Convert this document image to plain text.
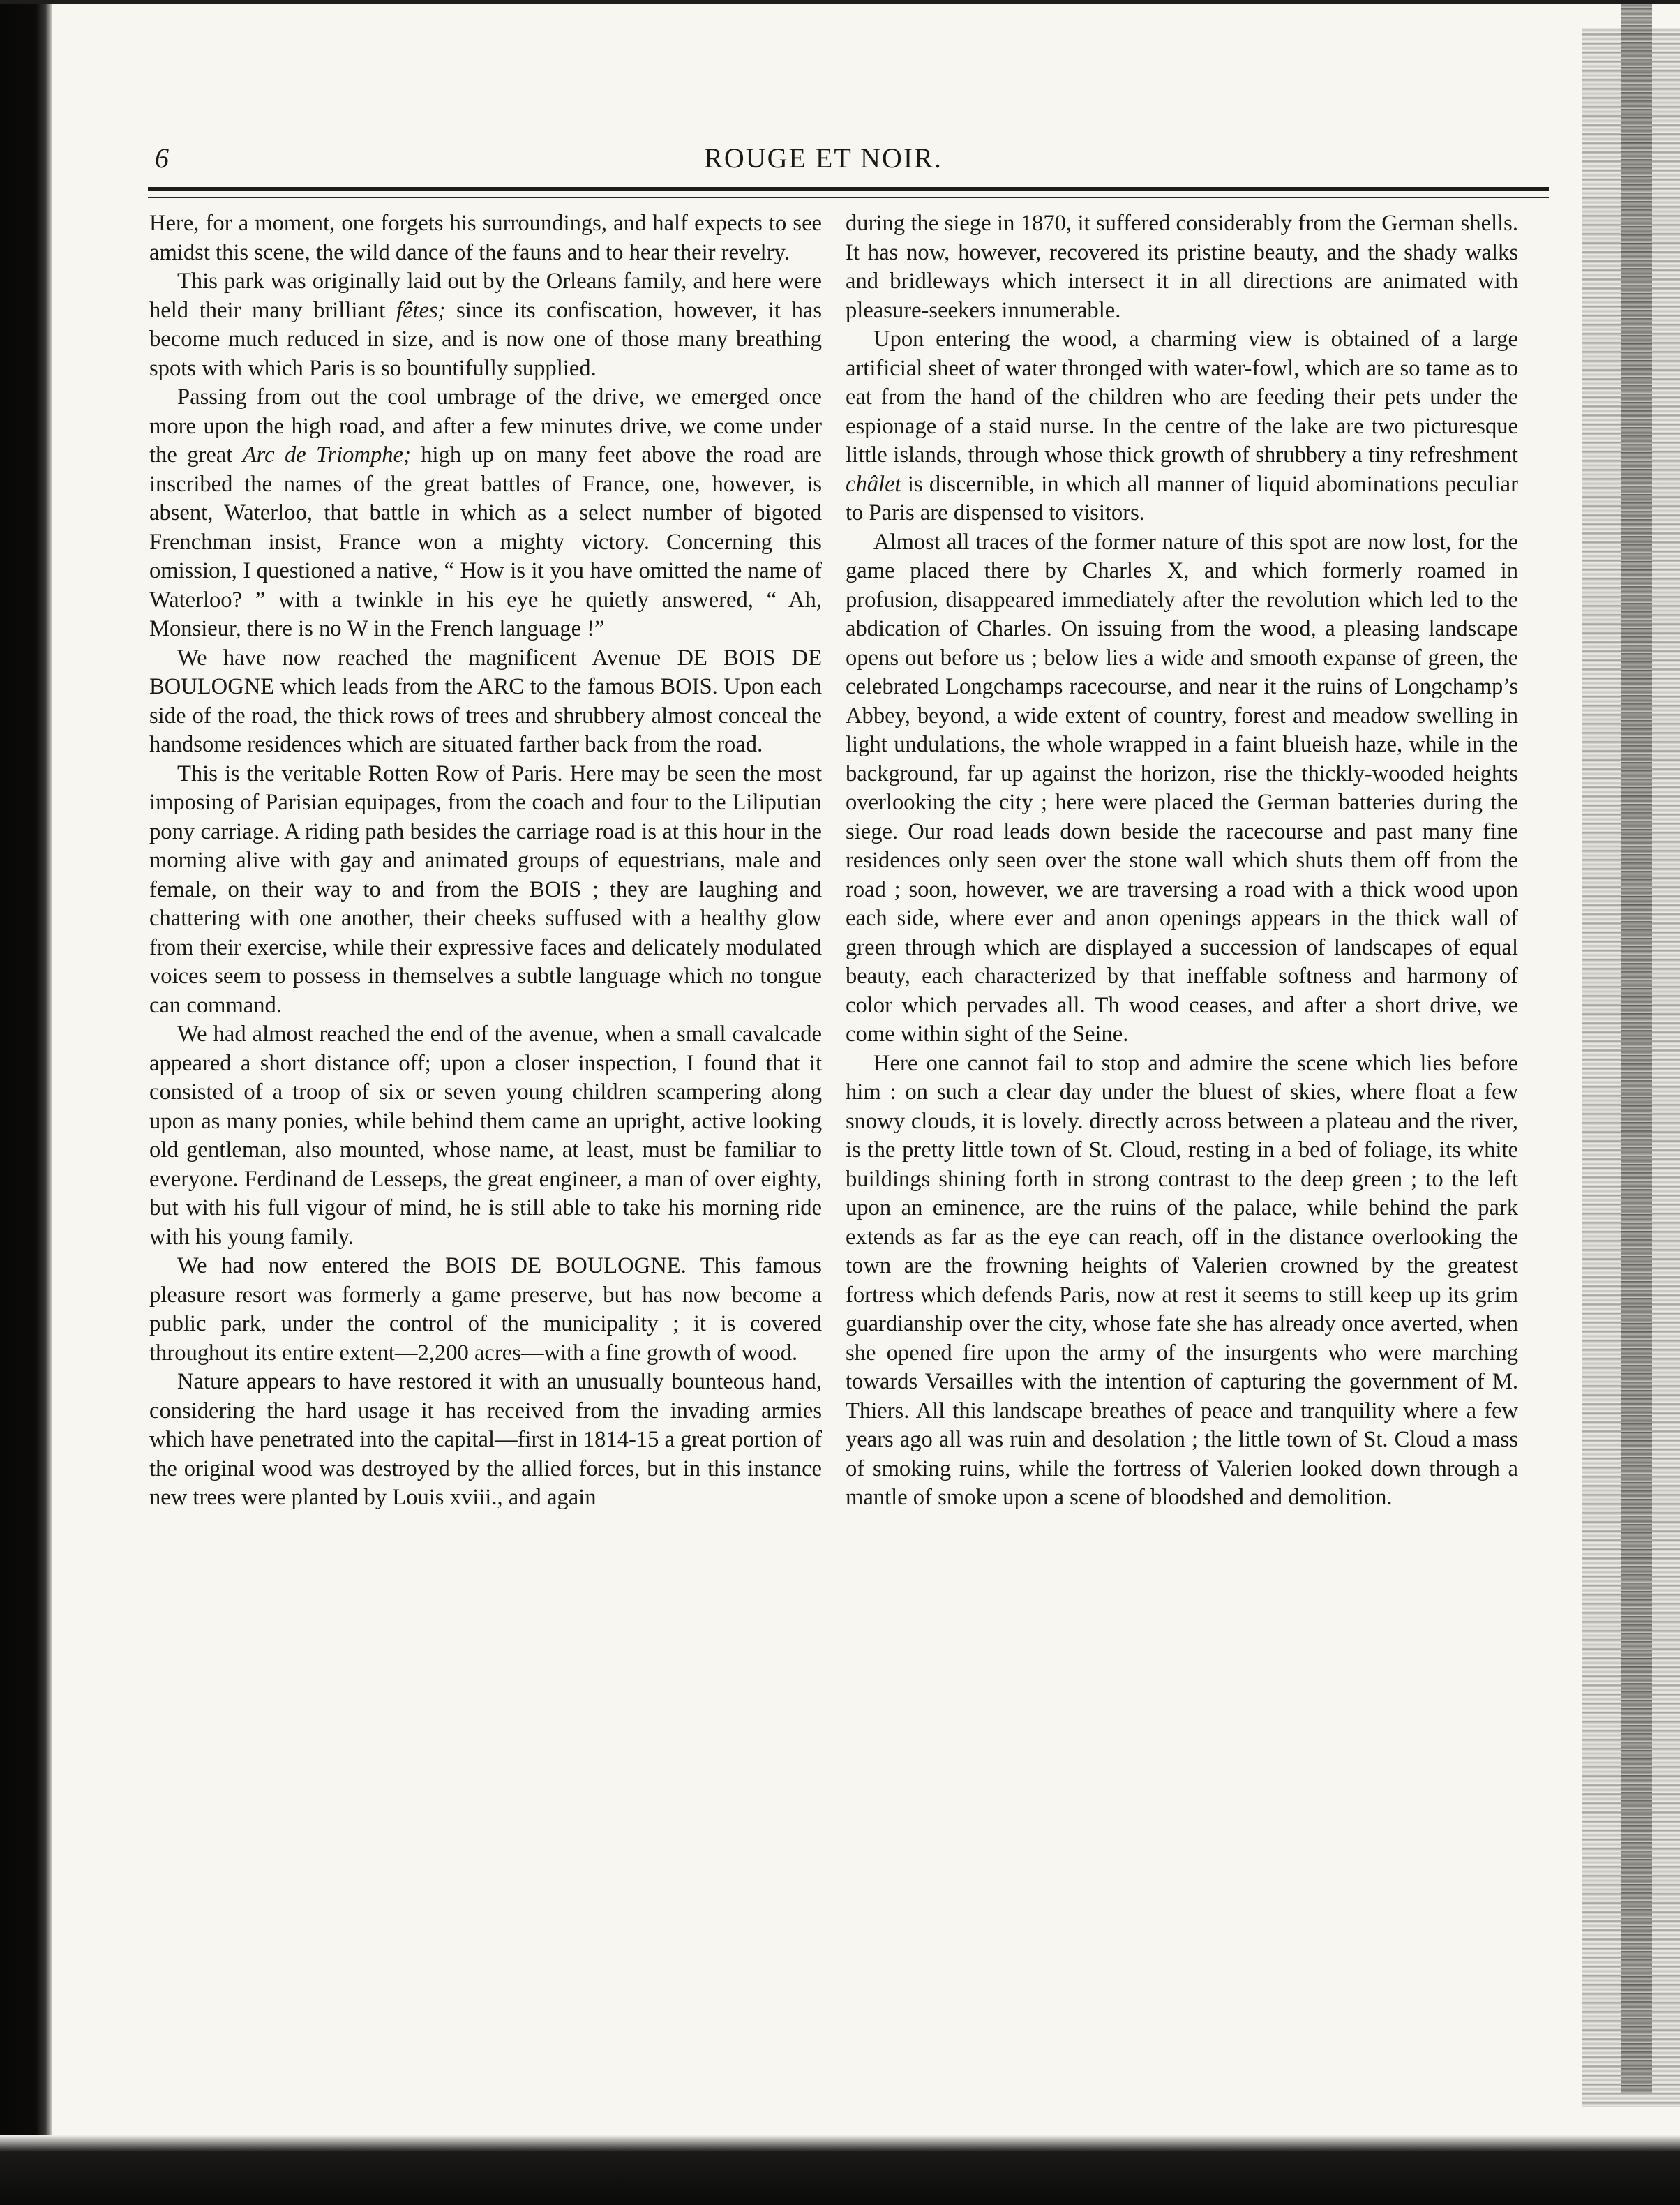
6	ROUGE ET NOIR.

Here, for a moment, one forgets his surroundings, and half expects to see amidst this scene, the wild dance of the fauns and to hear their revelry.

This park was originally laid out by the Orleans family, and here were held their many brilliant fêtes; since its confiscation, however, it has become much reduced in size, and is now one of those many breathing spots with which Paris is so bountifully supplied.

Passing from out the cool umbrage of the drive, we emerged once more upon the high road, and after a few minutes drive, we come under the great Arc de Triomphe; high up on many feet above the road are inscribed the names of the great battles of France, one, however, is absent, Waterloo, that battle in which as a select number of bigoted Frenchman insist, France won a mighty victory. Concerning this omission, I questioned a native, “ How is it you have omitted the name of Waterloo? ” with a twinkle in his eye he quietly answered, “ Ah, Monsieur, there is no W in the French language !”

We have now reached the magnificent Avenue DE BOIS DE BOULOGNE which leads from the ARC to the famous BOIS. Upon each side of the road, the thick rows of trees and shrubbery almost conceal the handsome residences which are situated farther back from the road.

This is the veritable Rotten Row of Paris. Here may be seen the most imposing of Parisian equipages, from the coach and four to the Liliputian pony carriage. A riding path besides the carriage road is at this hour in the morning alive with gay and animated groups of equestrians, male and female, on their way to and from the BOIS ; they are laughing and chattering with one another, their cheeks suffused with a healthy glow from their exercise, while their expressive faces and delicately modulated voices seem to possess in themselves a subtle language which no tongue can command.

We had almost reached the end of the avenue, when a small cavalcade appeared a short distance off; upon a closer inspection, I found that it consisted of a troop of six or seven young children scampering along upon as many ponies, while behind them came an upright, active looking old gentleman, also mounted, whose name, at least, must be familiar to everyone. Ferdinand de Lesseps, the great engineer, a man of over eighty, but with his full vigour of mind, he is still able to take his morning ride with his young family.

We had now entered the BOIS DE BOULOGNE. This famous pleasure resort was formerly a game preserve, but has now become a public park, under the control of the municipality ; it is covered throughout its entire extent—2,200 acres—with a fine growth of wood.

Nature appears to have restored it with an unusually bounteous hand, considering the hard usage it has received from the invading armies which have penetrated into the capital—first in 1814-15 a great portion of the original wood was destroyed by the allied forces, but in this instance new trees were planted by Louis xviii., and again

during the siege in 1870, it suffered considerably from the German shells. It has now, however, recovered its pristine beauty, and the shady walks and bridleways which intersect it in all directions are animated with pleasure-seekers innumerable.

Upon entering the wood, a charming view is obtained of a large artificial sheet of water thronged with water-fowl, which are so tame as to eat from the hand of the children who are feeding their pets under the espionage of a staid nurse. In the centre of the lake are two picturesque little islands, through whose thick growth of shrubbery a tiny refreshment châlet is discernible, in which all manner of liquid abominations peculiar to Paris are dispensed to visitors.

Almost all traces of the former nature of this spot are now lost, for the game placed there by Charles X, and which formerly roamed in profusion, disappeared immediately after the revolution which led to the abdication of Charles. On issuing from the wood, a pleasing landscape opens out before us ; below lies a wide and smooth expanse of green, the celebrated Longchamps racecourse, and near it the ruins of Longchamp’s Abbey, beyond, a wide extent of country, forest and meadow swelling in light undulations, the whole wrapped in a faint blueish haze, while in the background, far up against the horizon, rise the thickly-wooded heights overlooking the city ; here were placed the German batteries during the siege. Our road leads down beside the racecourse and past many fine residences only seen over the stone wall which shuts them off from the road ; soon, however, we are traversing a road with a thick wood upon each side, where ever and anon openings appears in the thick wall of green through which are displayed a succession of landscapes of equal beauty, each characterized by that ineffable softness and harmony of color which pervades all. Th wood ceases, and after a short drive, we come within sight of the Seine.

Here one cannot fail to stop and admire the scene which lies before him : on such a clear day under the bluest of skies, where float a few snowy clouds, it is lovely. directly across between a plateau and the river, is the pretty little town of St. Cloud, resting in a bed of foliage, its white buildings shining forth in strong contrast to the deep green ; to the left upon an eminence, are the ruins of the palace, while behind the park extends as far as the eye can reach, off in the distance overlooking the town are the frowning heights of Valerien crowned by the greatest fortress which defends Paris, now at rest it seems to still keep up its grim guardianship over the city, whose fate she has already once averted, when she opened fire upon the army of the insurgents who were marching towards Versailles with the intention of capturing the government of M. Thiers. All this landscape breathes of peace and tranquility where a few years ago all was ruin and desolation ; the little town of St. Cloud a mass of smoking ruins, while the fortress of Valerien looked down through a mantle of smoke upon a scene of bloodshed and demolition.
